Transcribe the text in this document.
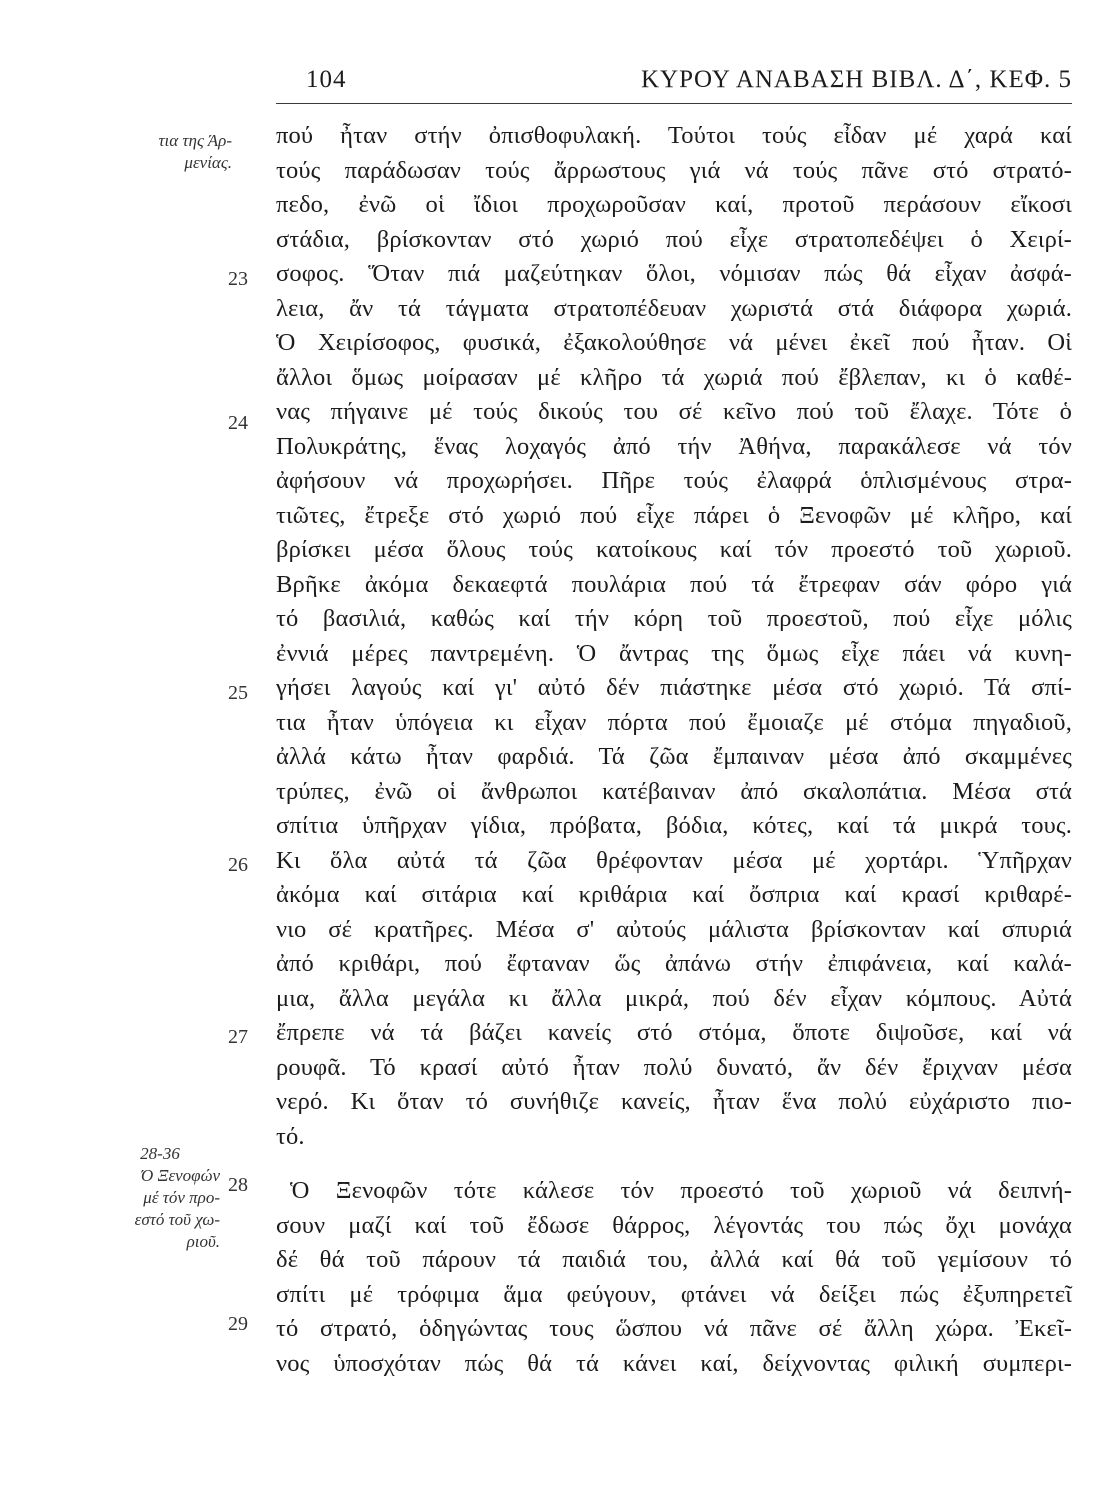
104	ΚΥΡΟΥ ΑΝΑΒΑΣΗ ΒΙΒΛ. Δ΄, ΚΕΦ. 5
τια της Άρ-
μενίας.
28-36
Ό Ξενοφών
μέ τόν προ-
εστό τοῦ χω-
ριοῦ.
23
24
25
26
27
28
29
πού ἦταν στήν ὀπισθοφυλακή. Τούτοι τούς εἶδαν μέ χαρά καί
τούς παράδωσαν τούς ἄρρωστους γιά νά τούς πᾶνε στό στρατό-
πεδο, ἐνῶ οἱ ἴδιοι προχωροῦσαν καί, προτοῦ περάσουν εἴκοσι
στάδια, βρίσκονταν στό χωριό πού εἶχε στρατοπεδέψει ὁ Χειρί-
σοφος. Ὅταν πιά μαζεύτηκαν ὅλοι, νόμισαν πώς θά εἶχαν ἀσφά-
λεια, ἄν τά τάγματα στρατοπέδευαν χωριστά στά διάφορα χωριά.
Ὁ Χειρίσοφος, φυσικά, ἐξακολούθησε νά μένει ἐκεῖ πού ἦταν. Οἱ
ἄλλοι ὅμως μοίρασαν μέ κλῆρο τά χωριά πού ἔβλεπαν, κι ὁ καθέ-
νας πήγαινε μέ τούς δικούς του σέ κεῖνο πού τοῦ ἔλαχε. Τότε ὁ
Πολυκράτης, ἕνας λοχαγός ἀπό τήν Ἀθήνα, παρακάλεσε νά τόν
ἀφήσουν νά προχωρήσει. Πῆρε τούς ἐλαφρά ὁπλισμένους στρα-
τιῶτες, ἔτρεξε στό χωριό πού εἶχε πάρει ὁ Ξενοφῶν μέ κλῆρο, καί
βρίσκει μέσα ὅλους τούς κατοίκους καί τόν προεστό τοῦ χωριοῦ.
Βρῆκε ἀκόμα δεκαεφτά πουλάρια πού τά ἔτρεφαν σάν φόρο γιά
τό βασιλιά, καθώς καί τήν κόρη τοῦ προεστοῦ, πού εἶχε μόλις
ἐννιά μέρες παντρεμένη. Ὁ ἄντρας της ὅμως εἶχε πάει νά κυνη-
γήσει λαγούς καί γι' αὐτό δέν πιάστηκε μέσα στό χωριό. Τά σπί-
τια ἦταν ὑπόγεια κι εἶχαν πόρτα πού ἔμοιαζε μέ στόμα πηγαδιοῦ,
ἀλλά κάτω ἦταν φαρδιά. Τά ζῶα ἔμπαιναν μέσα ἀπό σκαμμένες
τρύπες, ἐνῶ οἱ ἄνθρωποι κατέβαιναν ἀπό σκαλοπάτια. Μέσα στά
σπίτια ὑπῆρχαν γίδια, πρόβατα, βόδια, κότες, καί τά μικρά τους.
Κι ὅλα αὐτά τά ζῶα θρέφονταν μέσα μέ χορτάρι. Ὑπῆρχαν
ἀκόμα καί σιτάρια καί κριθάρια καί ὄσπρια καί κρασί κριθαρέ-
νιο σέ κρατῆρες. Μέσα σ' αὐτούς μάλιστα βρίσκονταν καί σπυριά
ἀπό κριθάρι, πού ἔφταναν ὥς ἀπάνω στήν ἐπιφάνεια, καί καλά-
μια, ἄλλα μεγάλα κι ἄλλα μικρά, πού δέν εἶχαν κόμπους. Αὐτά
ἔπρεπε νά τά βάζει κανείς στό στόμα, ὅποτε διψοῦσε, καί νά
ρουφᾶ. Τό κρασί αὐτό ἦταν πολύ δυνατό, ἄν δέν ἔριχναν μέσα
νερό. Κι ὅταν τό συνήθιζε κανείς, ἦταν ἕνα πολύ εὐχάριστο πιο-
τό.
Ὁ Ξενοφῶν τότε κάλεσε τόν προεστό τοῦ χωριοῦ νά δειπνή-
σουν μαζί καί τοῦ ἔδωσε θάρρος, λέγοντάς του πώς ὄχι μονάχα
δέ θά τοῦ πάρουν τά παιδιά του, ἀλλά καί θά τοῦ γεμίσουν τό
σπίτι μέ τρόφιμα ἅμα φεύγουν, φτάνει νά δείξει πώς ἐξυπηρετεῖ
τό στρατό, ὁδηγώντας τους ὥσπου νά πᾶνε σέ ἄλλη χώρα. Ἐκεῖ-
νος ὑποσχόταν πώς θά τά κάνει καί, δείχνοντας φιλική συμπερι-
